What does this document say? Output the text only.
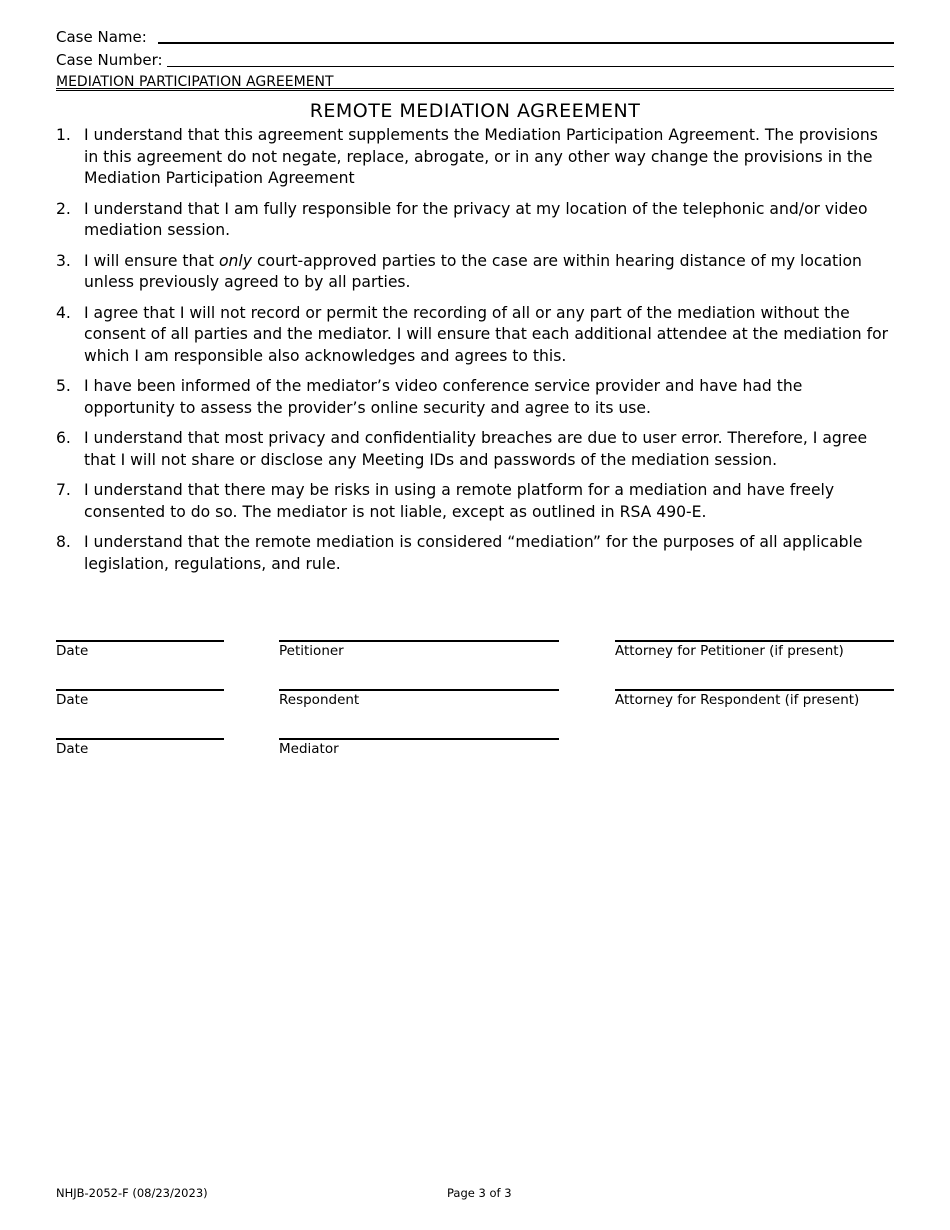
Case Name:
Case Number:
MEDIATION PARTICIPATION AGREEMENT
REMOTE MEDIATION AGREEMENT
1. I understand that this agreement supplements the Mediation Participation Agreement. The provisions in this agreement do not negate, replace, abrogate, or in any other way change the provisions in the Mediation Participation Agreement
2. I understand that I am fully responsible for the privacy at my location of the telephonic and/or video mediation session.
3. I will ensure that only court-approved parties to the case are within hearing distance of my location unless previously agreed to by all parties.
4. I agree that I will not record or permit the recording of all or any part of the mediation without the consent of all parties and the mediator. I will ensure that each additional attendee at the mediation for which I am responsible also acknowledges and agrees to this.
5. I have been informed of the mediator’s video conference service provider and have had the opportunity to assess the provider’s online security and agree to its use.
6. I understand that most privacy and confidentiality breaches are due to user error. Therefore, I agree that I will not share or disclose any Meeting IDs and passwords of the mediation session.
7. I understand that there may be risks in using a remote platform for a mediation and have freely consented to do so. The mediator is not liable, except as outlined in RSA 490-E.
8. I understand that the remote mediation is considered “mediation” for the purposes of all applicable legislation, regulations, and rule.
Date	Petitioner	Attorney for Petitioner (if present)
Date	Respondent	Attorney for Respondent (if present)
Date	Mediator
NHJB-2052-F (08/23/2023)	Page 3 of 3
